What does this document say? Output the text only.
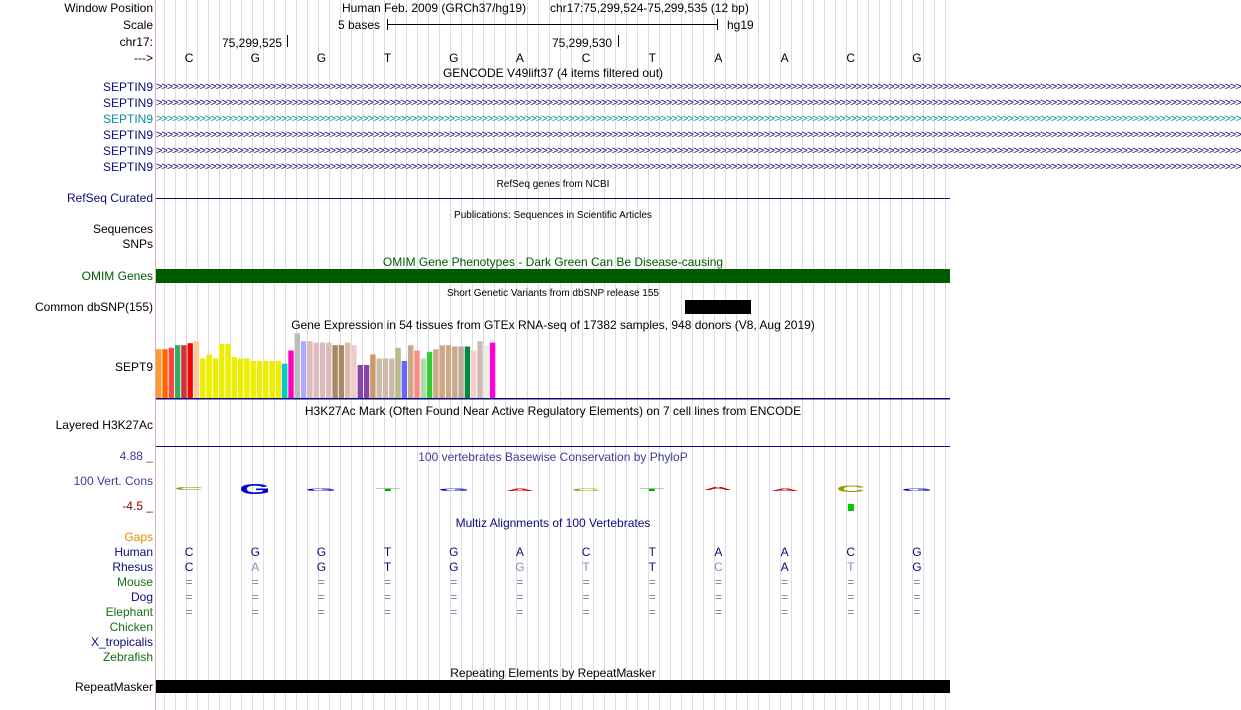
Window Position
Scale
chr17:
--->
Human Feb. 2009 (GRCh37/hg19) chr17:75,299,524-75,299,535 (12 bp)
5 bases	hg19
75,299,525	75,299,530
C	G	G	T	G	A	C	T	A	A	C	G
GENCODE V49lift37 (4 items filtered out)
SEPTIN9 >>>>>>>>>>>>>>>>>>>>>>>>>>>>>>>>>>>>>>>>>>>>>>>>>>>>>>>>>>>>>>>>>>>>>>>>>>>>>>>>>>>>>>>>>>>>>>>>>>>>>>>>>>>>>>>>>>>>>>>>>>>>>>>>>>>>>>>>>>>>>>>>>>>>>>>>>>>>>>>>>>>>>>>>>>>>>>>>>>>>>>>>>>>>>>>>>>>>>>>>
SEPTIN9 >>>>>>>>>>>>>>>>>>>>>>>>>>>>>>>>>>>>>>>>>>>>>>>>>>>>>>>>>>>>>>>>>>>>>>>>>>>>>>>>>>>>>>>>>>>>>>>>>>>>>>>>>>>>>>>>>>>>>>>>>>>>>>>>>>>>>>>>>>>>>>>>>>>>>>>>>>>>>>>>>>>>>>>>>>>>>>>>>>>>>>>>>>>>>>>>>>>>>>>>
SEPTIN9 >>>>>>>>>>>>>>>>>>>>>>>>>>>>>>>>>>>>>>>>>>>>>>>>>>>>>>>>>>>>>>>>>>>>>>>>>>>>>>>>>>>>>>>>>>>>>>>>>>>>>>>>>>>>>>>>>>>>>>>>>>>>>>>>>>>>>>>>>>>>>>>>>>>>>>>>>>>>>>>>>>>>>>>>>>>>>>>>>>>>>>>>>>>>>>>>>>>>>>>>
SEPTIN9 >>>>>>>>>>>>>>>>>>>>>>>>>>>>>>>>>>>>>>>>>>>>>>>>>>>>>>>>>>>>>>>>>>>>>>>>>>>>>>>>>>>>>>>>>>>>>>>>>>>>>>>>>>>>>>>>>>>>>>>>>>>>>>>>>>>>>>>>>>>>>>>>>>>>>>>>>>>>>>>>>>>>>>>>>>>>>>>>>>>>>>>>>>>>>>>>>>>>>>>>
SEPTIN9 >>>>>>>>>>>>>>>>>>>>>>>>>>>>>>>>>>>>>>>>>>>>>>>>>>>>>>>>>>>>>>>>>>>>>>>>>>>>>>>>>>>>>>>>>>>>>>>>>>>>>>>>>>>>>>>>>>>>>>>>>>>>>>>>>>>>>>>>>>>>>>>>>>>>>>>>>>>>>>>>>>>>>>>>>>>>>>>>>>>>>>>>>>>>>>>>>>>>>>>>
SEPTIN9 >>>>>>>>>>>>>>>>>>>>>>>>>>>>>>>>>>>>>>>>>>>>>>>>>>>>>>>>>>>>>>>>>>>>>>>>>>>>>>>>>>>>>>>>>>>>>>>>>>>>>>>>>>>>>>>>>>>>>>>>>>>>>>>>>>>>>>>>>>>>>>>>>>>>>>>>>>>>>>>>>>>>>>>>>>>>>>>>>>>>>>>>>>>>>>>>>>>>>>>>
RefSeq genes from NCBI
RefSeq Curated
Publications: Sequences in Scientific Articles
Sequences
SNPs
OMIM Gene Phenotypes - Dark Green Can Be Disease-causing
OMIM Genes
Short Genetic Variants from dbSNP release 155
Common dbSNP(155)
Gene Expression in 54 tissues from GTEx RNA-seq of 17382 samples, 948 donors (V8, Aug 2019)
SEPT9
H3K27Ac Mark (Often Found Near Active Regulatory Elements) on 7 cell lines from ENCODE
Layered H3K27Ac
100 vertebrates Basewise Conservation by PhyloP
4.88 _
100 Vert. Cons
-4.5 _
C	G	G	T	G	A	C	T	A	A	C	G
Multiz Alignments of 100 Vertebrates
Gaps
Human	C	G	G	T	G	A	C	T	A	A	C	G
Rhesus	C	A	G	T	G	G	T	T	C	A	T	G
Mouse	=	=	=	=	=	=	=	=	=	=	=	=
Dog	=	=	=	=	=	=	=	=	=	=	=	=
Elephant	=	=	=	=	=	=	=	=	=	=	=	=
Chicken
X_tropicalis
Zebrafish
Repeating Elements by RepeatMasker
RepeatMasker
